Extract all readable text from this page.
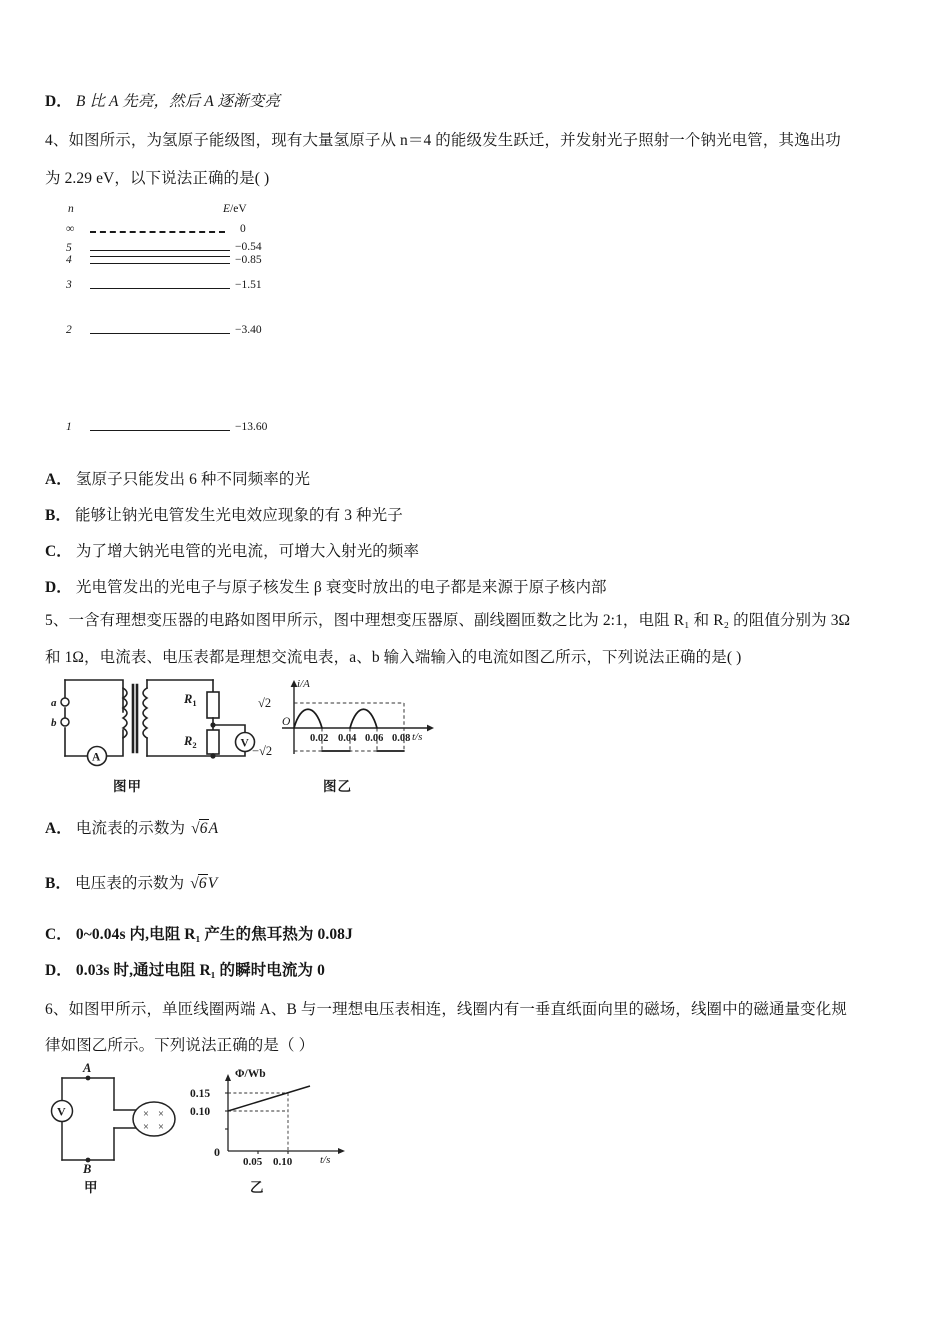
D． B 比 A 先亮，然后 A 逐渐变亮
4、如图所示，为氢原子能级图，现有大量氢原子从 n＝4 的能级发生跃迁，并发射光子照射一个钠光电管，其逸出功
为 2.29 eV，以下说法正确的是( )
n	E/eV
∞	0
5	−0.54
4	−0.85
3	−1.51
2	−3.40
1	−13.60
A． 氢原子只能发出 6 种不同频率的光
B． 能够让钠光电管发生光电效应现象的有 3 种光子
C． 为了增大钠光电管的光电流，可增大入射光的频率
D． 光电管发出的光电子与原子核发生 β 衰变时放出的电子都是来源于原子核内部
5、一含有理想变压器的电路如图甲所示，图中理想变压器原、副线圈匝数之比为 2:1，电阻 R₁ 和 R₂ 的阻值分别为 3Ω
和 1Ω，电流表、电压表都是理想交流电表，a、b 输入端输入的电流如图乙所示，下列说法正确的是( )
a
b
A
V
$R_1$
$R_2$
图甲
√2
−√2
O
i/A
t/s
0.02 0.04 0.06 0.08
图乙
A． 电流表的示数为 √6A
B． 电压表的示数为 √6V
C． 0~0.04s 内,电阻 R₁ 产生的焦耳热为 0.08J
D． 0.03s 时,通过电阻 R₁ 的瞬时电流为 0
6、如图甲所示，单匝线圈两端 A、B 与一理想电压表相连，线圈内有一垂直纸面向里的磁场，线圈中的磁通量变化规
律如图乙所示。下列说法正确的是（ ）
V
A
B
× ×
× ×
甲
0.15
0.10
0
Φ/Wb
t/s
0.05 0.10
乙
